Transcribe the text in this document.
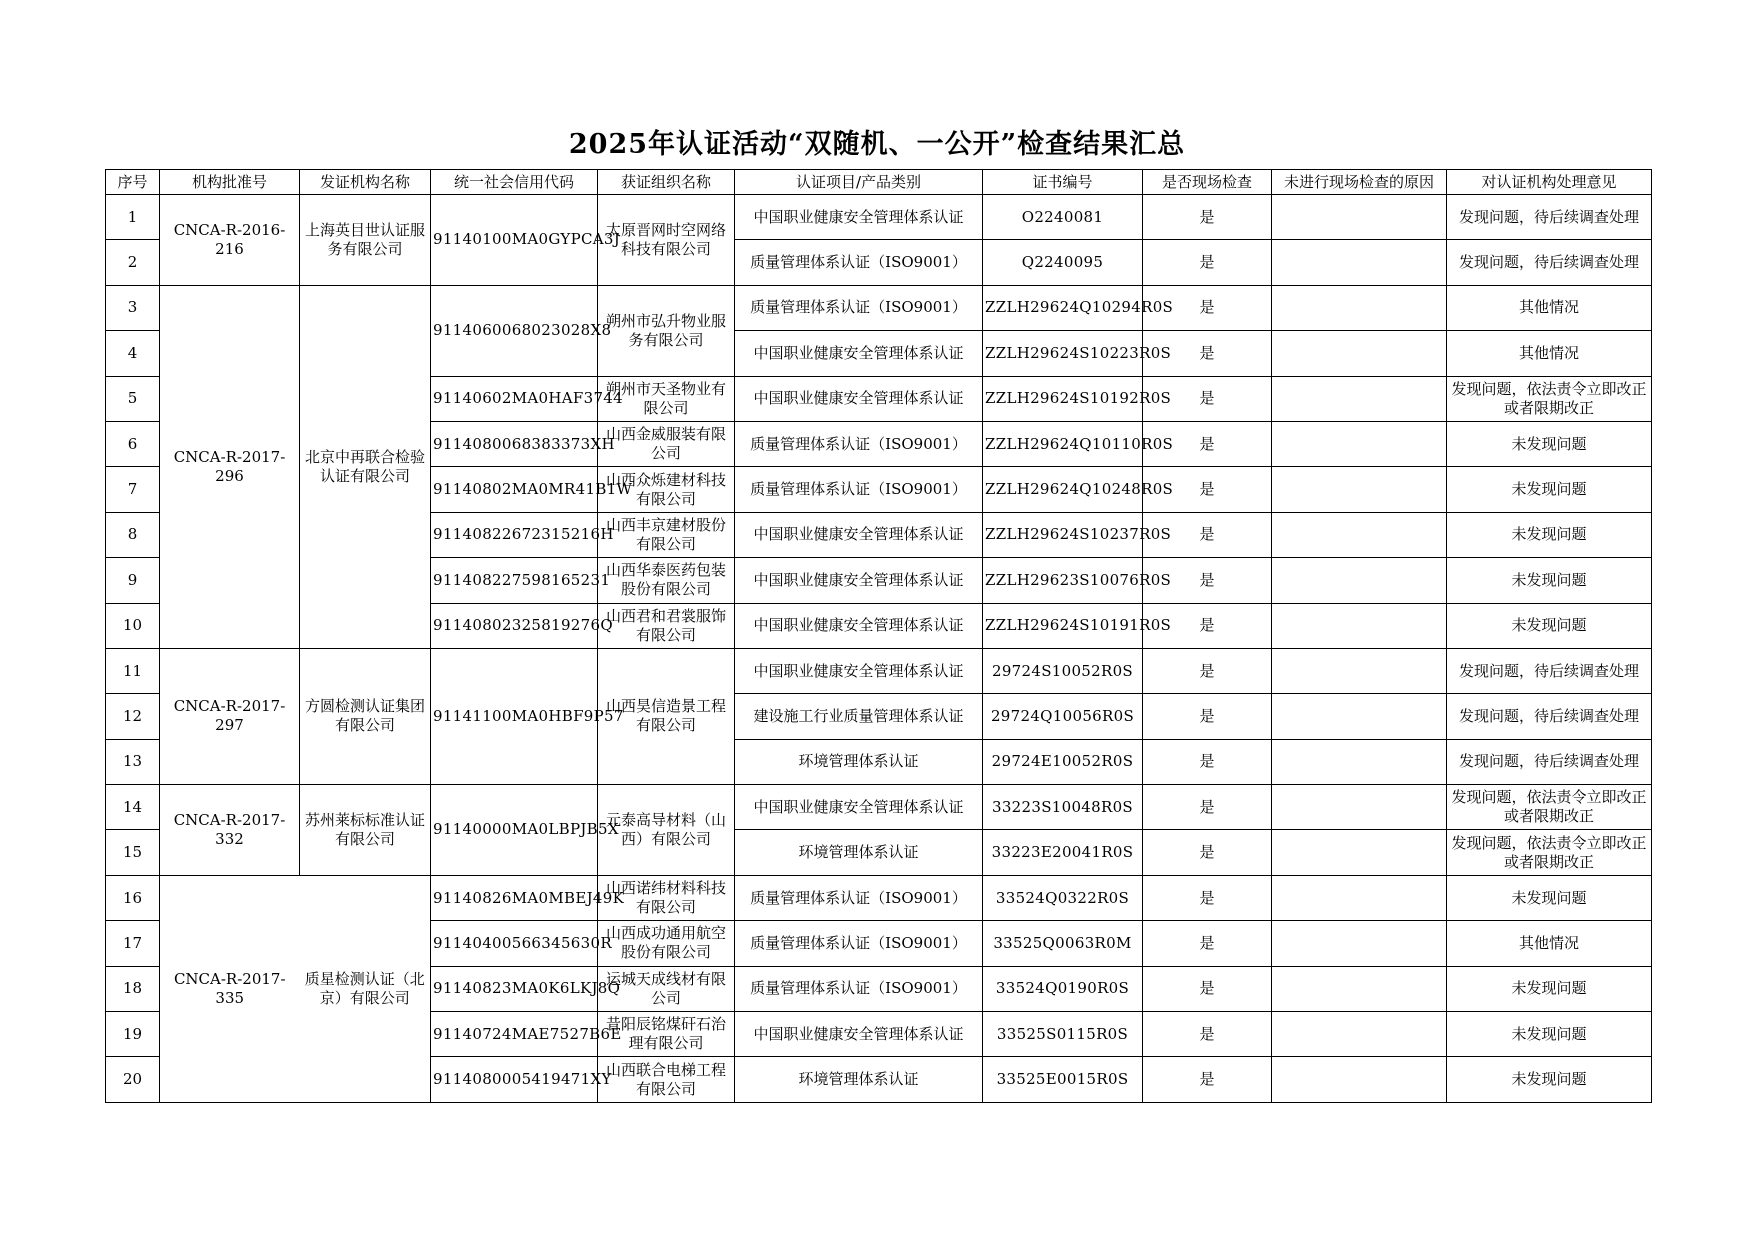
2025年认证活动“双随机、一公开”检查结果汇总
序号	机构批准号	发证机构名称	统一社会信用代码	获证组织名称	认证项目/产品类别	证书编号	是否现场检查	未进行现场检查的原因	对认证机构处理意见
1	CNCA-R-2016-216	上海英目世认证服务有限公司	91140100MA0GYPCA3J	太原晋网时空网络科技有限公司	中国职业健康安全管理体系认证	O2240081	是		发现问题，待后续调查处理
2					质量管理体系认证（ISO9001）	Q2240095	是		发现问题，待后续调查处理
3	CNCA-R-2017-296	北京中再联合检验认证有限公司	9114060068023028X8	朔州市弘升物业服务有限公司	质量管理体系认证（ISO9001）	ZZLH29624Q10294R0S	是		其他情况
4					中国职业健康安全管理体系认证	ZZLH29624S10223R0S	是		其他情况
5			91140602MA0HAF3744	朔州市天圣物业有限公司	中国职业健康安全管理体系认证	ZZLH29624S10192R0S	是		发现问题，依法责令立即改正或者限期改正
6			9114080068383373XH	山西金威服装有限公司	质量管理体系认证（ISO9001）	ZZLH29624Q10110R0S	是		未发现问题
7			91140802MA0MR41B1W	山西众烁建材科技有限公司	质量管理体系认证（ISO9001）	ZZLH29624Q10248R0S	是		未发现问题
8			91140822672315216H	山西丰京建材股份有限公司	中国职业健康安全管理体系认证	ZZLH29624S10237R0S	是		未发现问题
9			911408227598165231	山西华泰医药包装股份有限公司	中国职业健康安全管理体系认证	ZZLH29623S10076R0S	是		未发现问题
10			91140802325819276Q	山西君和君裳服饰有限公司	中国职业健康安全管理体系认证	ZZLH29624S10191R0S	是		未发现问题
11	CNCA-R-2017-297	方圆检测认证集团有限公司	91141100MA0HBF9P57	山西昊信造景工程有限公司	中国职业健康安全管理体系认证	29724S10052R0S	是		发现问题，待后续调查处理
12					建设施工行业质量管理体系认证	29724Q10056R0S	是		发现问题，待后续调查处理
13					环境管理体系认证	29724E10052R0S	是		发现问题，待后续调查处理
14	CNCA-R-2017-332	苏州莱标标准认证有限公司	91140000MA0LBPJB5X	元泰高导材料（山西）有限公司	中国职业健康安全管理体系认证	33223S10048R0S	是		发现问题，依法责令立即改正或者限期改正
15					环境管理体系认证	33223E20041R0S	是		发现问题，依法责令立即改正或者限期改正
16	CNCA-R-2017-335	质星检测认证（北京）有限公司	91140826MA0MBEJ49K	山西诺纬材料科技有限公司	质量管理体系认证（ISO9001）	33524Q0322R0S	是		未发现问题
17			91140400566345630R	山西成功通用航空股份有限公司	质量管理体系认证（ISO9001）	33525Q0063R0M	是		其他情况
18			91140823MA0K6LKJ8Q	运城天成线材有限公司	质量管理体系认证（ISO9001）	33524Q0190R0S	是		未发现问题
19			91140724MAE7527B6E	昔阳辰铭煤矸石治理有限公司	中国职业健康安全管理体系认证	33525S0115R0S	是		未发现问题
20			9114080005419471XY	山西联合电梯工程有限公司	环境管理体系认证	33525E0015R0S	是		未发现问题
